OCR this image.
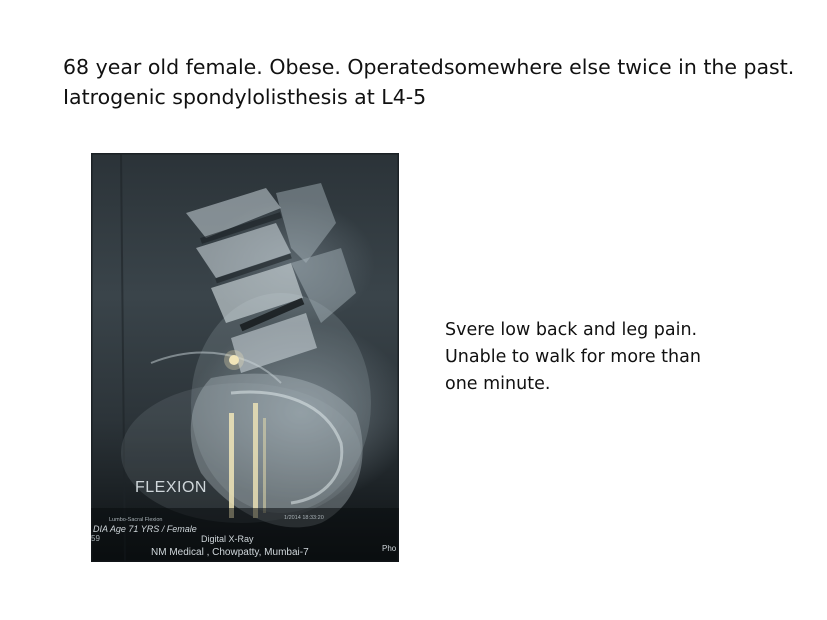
68 year old female. Obese. Operatedsomewhere else twice in the past.
Iatrogenic spondylolisthesis at L4-5
FLEXION
Lumbo-Sacral Flexion
DIA Age 71 YRS / Female
59	Digital X-Ray
NM Medical , Chowpatty, Mumbai-7
1/2014 18:33:20
Pho
Svere low back and leg pain.
Unable to walk for more than
one minute.
